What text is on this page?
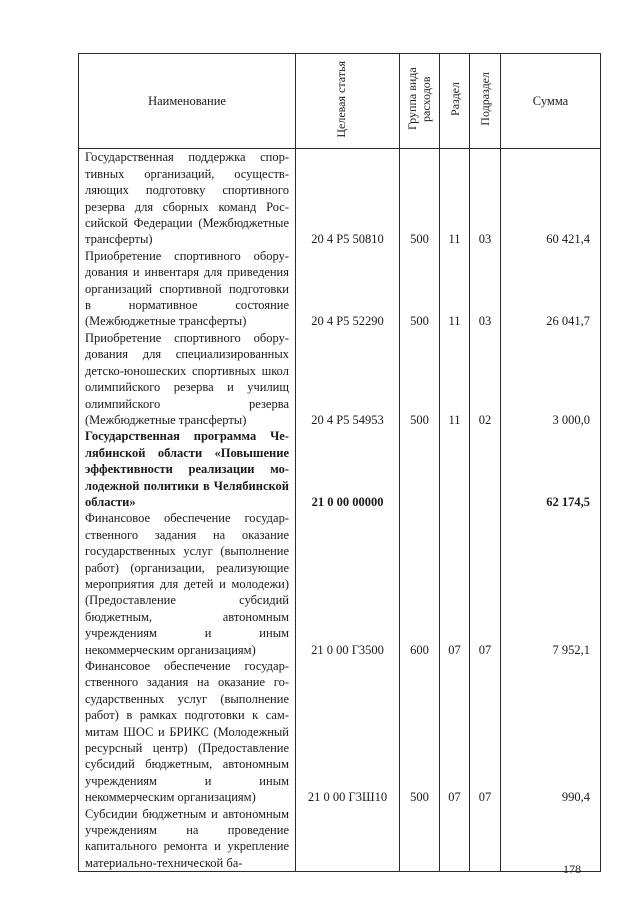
Наименование	Целевая статья	Группа вида расходов	Раздел	Подраздел	Сумма
Государственная поддержка спортивных организаций, осуществляющих подготовку спортивного резерва для сборных команд Российской Федерации (Межбюджетные трансферты)	20 4 P5 50810	500	11	03	60 421,4
Приобретение спортивного оборудования и инвентаря для приведения организаций спортивной подготовки в нормативное состояние (Межбюджетные трансферты)	20 4 P5 52290	500	11	03	26 041,7
Приобретение спортивного оборудования для специализированных детско-юношеских спортивных школ олимпийского резерва и училищ олимпийского резерва (Межбюджетные трансферты)	20 4 P5 54953	500	11	02	3 000,0
Государственная программа Челябинской области «Повышение эффективности реализации молодежной политики в Челябинской области»	21 0 00 00000				62 174,5
Финансовое обеспечение государственного задания на оказание государственных услуг (выполнение работ) (организации, реализующие мероприятия для детей и молодежи) (Предоставление субсидий бюджетным, автономным учреждениям и иным некоммерческим организациям)	21 0 00 Г3500	600	07	07	7 952,1
Финансовое обеспечение государственного задания на оказание государственных услуг (выполнение работ) в рамках подготовки к саммитам ШОС и БРИКС (Молодежный ресурсный центр) (Предоставление субсидий бюджетным, автономным учреждениям и иным некоммерческим организациям)	21 0 00 Г3Ш10	500	07	07	990,4
Субсидии бюджетным и автономным учреждениям на проведение капитального ремонта и укрепление материально-технической ба-						178
